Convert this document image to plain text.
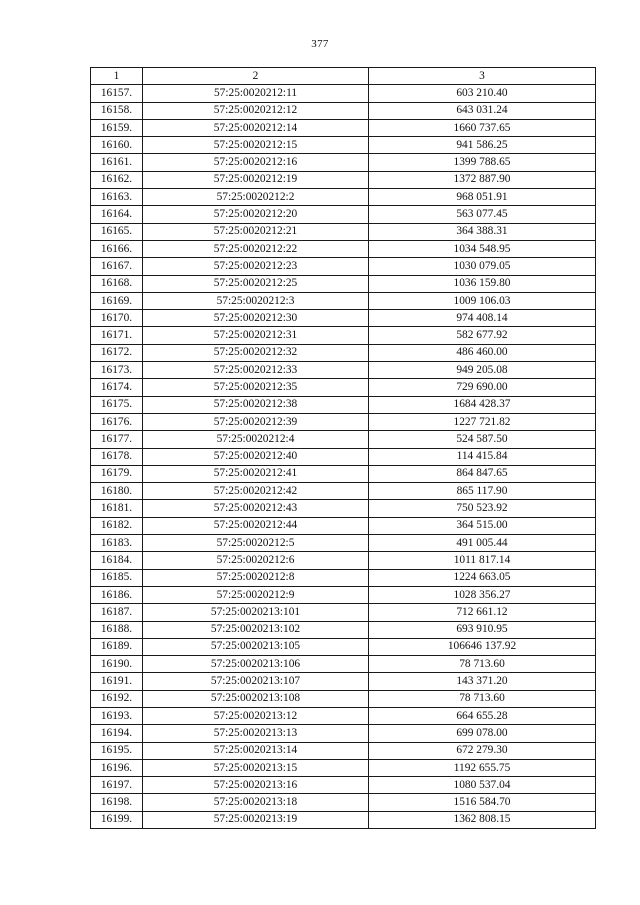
377
1	2	3
16157.	57:25:0020212:11	603 210.40
16158.	57:25:0020212:12	643 031.24
16159.	57:25:0020212:14	1660 737.65
16160.	57:25:0020212:15	941 586.25
16161.	57:25:0020212:16	1399 788.65
16162.	57:25:0020212:19	1372 887.90
16163.	57:25:0020212:2	968 051.91
16164.	57:25:0020212:20	563 077.45
16165.	57:25:0020212:21	364 388.31
16166.	57:25:0020212:22	1034 548.95
16167.	57:25:0020212:23	1030 079.05
16168.	57:25:0020212:25	1036 159.80
16169.	57:25:0020212:3	1009 106.03
16170.	57:25:0020212:30	974 408.14
16171.	57:25:0020212:31	582 677.92
16172.	57:25:0020212:32	486 460.00
16173.	57:25:0020212:33	949 205.08
16174.	57:25:0020212:35	729 690.00
16175.	57:25:0020212:38	1684 428.37
16176.	57:25:0020212:39	1227 721.82
16177.	57:25:0020212:4	524 587.50
16178.	57:25:0020212:40	114 415.84
16179.	57:25:0020212:41	864 847.65
16180.	57:25:0020212:42	865 117.90
16181.	57:25:0020212:43	750 523.92
16182.	57:25:0020212:44	364 515.00
16183.	57:25:0020212:5	491 005.44
16184.	57:25:0020212:6	1011 817.14
16185.	57:25:0020212:8	1224 663.05
16186.	57:25:0020212:9	1028 356.27
16187.	57:25:0020213:101	712 661.12
16188.	57:25:0020213:102	693 910.95
16189.	57:25:0020213:105	106646 137.92
16190.	57:25:0020213:106	78 713.60
16191.	57:25:0020213:107	143 371.20
16192.	57:25:0020213:108	78 713.60
16193.	57:25:0020213:12	664 655.28
16194.	57:25:0020213:13	699 078.00
16195.	57:25:0020213:14	672 279.30
16196.	57:25:0020213:15	1192 655.75
16197.	57:25:0020213:16	1080 537.04
16198.	57:25:0020213:18	1516 584.70
16199.	57:25:0020213:19	1362 808.15
